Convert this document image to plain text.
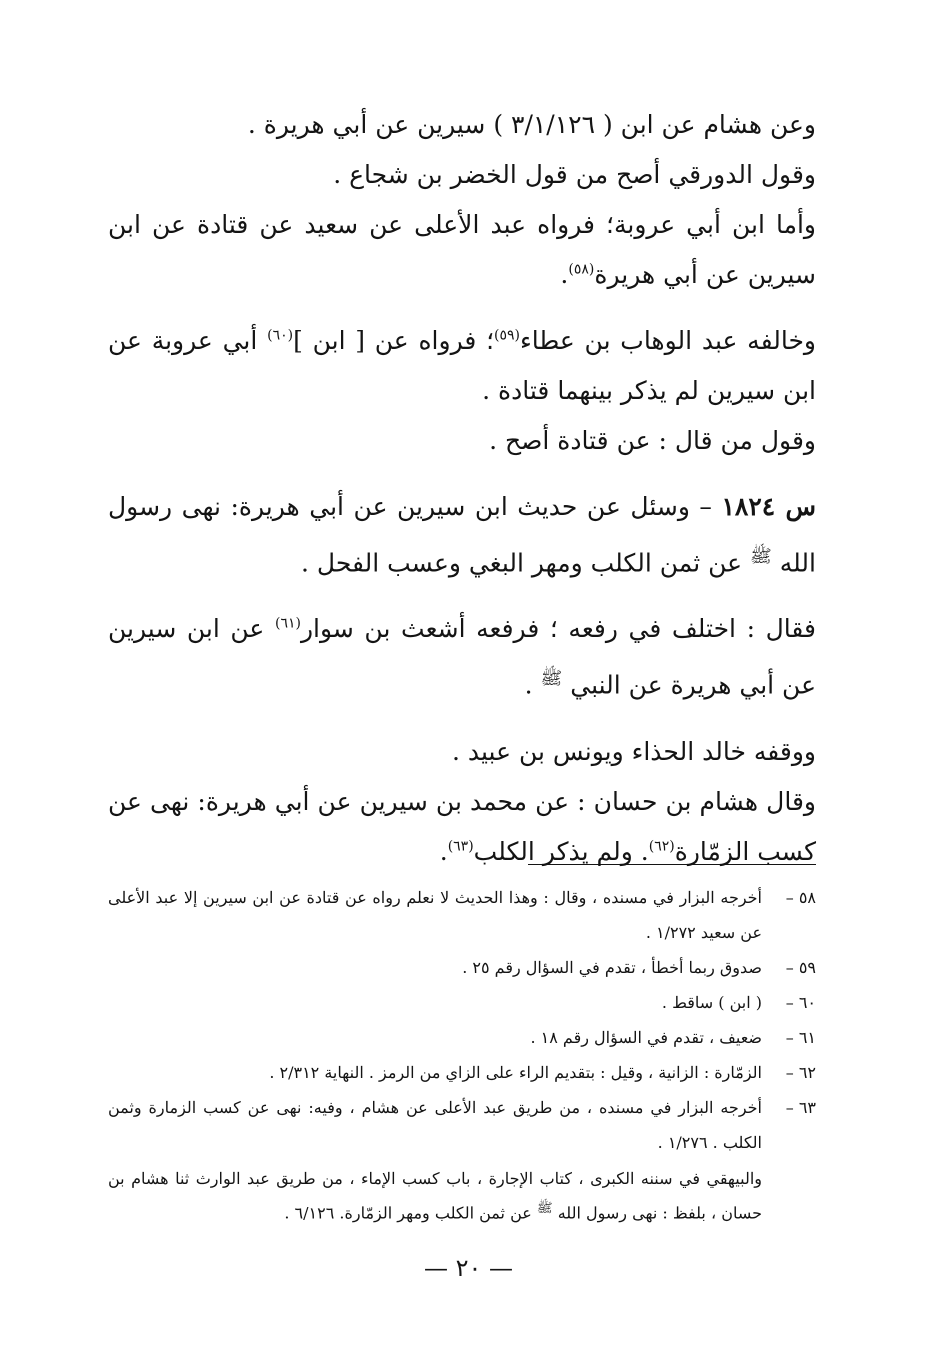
وعن هشام عن ابن ( ٣/١/١٢٦ ) سيرين عن أبي هريرة .

وقول الدورقي أصح من قول الخضر بن شجاع .

وأما ابن أبي عروبة؛ فرواه عبد الأعلى عن سعيد عن قتادة عن ابن سيرين عن أبي هريرة$^{(٥٨)}$.

وخالفه عبد الوهاب بن عطاء$^{(٥٩)}$؛ فرواه عن [ ابن ]$^{(٦٠)}$ أبي عروبة عن ابن سيرين لم يذكر بينهما قتادة .

وقول من قال : عن قتادة أصح .

س ١٨٢٤ – وسئل عن حديث ابن سيرين عن أبي هريرة: نهى رسول الله $^ﷺ$ عن ثمن الكلب ومهر البغي وعسب الفحل .

فقال : اختلف في رفعه ؛ فرفعه أشعث بن سوار$^{(٦١)}$ عن ابن سيرين عن أبي هريرة عن النبي $^ﷺ$ .

ووقفه خالد الحذاء ويونس بن عبيد .

وقال هشام بن حسان : عن محمد بن سيرين عن أبي هريرة: نهى عن كسب الزمّارة$^{(٦٢)}$. ولم يذكر الكلب$^{(٦٣)}$.

٥٨ –
أخرجه البزار في مسنده ، وقال : وهذا الحديث لا نعلم رواه عن قتادة عن ابن سيرين إلا عبد الأعلى عن سعيد ١/٢٧٢ .
٥٩ –
صدوق ربما أخطأ ، تقدم في السؤال رقم ٢٥ .
٦٠ –
( ابن ) ساقط .
٦١ –
ضعيف ، تقدم في السؤال رقم ١٨ .
٦٢ –
الزمّارة : الزانية ، وقيل : بتقديم الراء على الزاي من الرمز . النهاية ٢/٣١٢ .
٦٣ –
أخرجه البزار في مسنده ، من طريق عبد الأعلى عن هشام ، وفيه: نهى عن كسب الزمارة وثمن الكلب . ١/٢٧٦ .
والبيهقي في سننه الكبرى ، كتاب الإجارة ، باب كسب الإماء ، من طريق عبد الوارث ثنا هشام بن حسان ، بلفظ : نهى رسول الله $^ﷺ$ عن ثمن الكلب ومهر الزمّارة. ٦/١٢٦ .
— ٢٠ —
